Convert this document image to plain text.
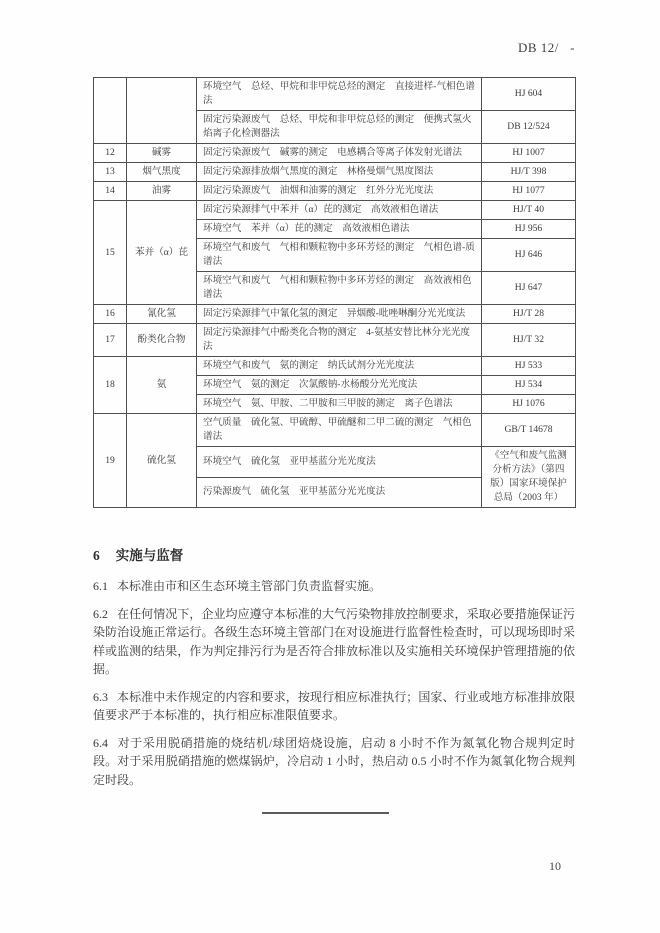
DB 12/   -
		环境空气　总烃、甲烷和非甲烷总烃的测定　直接进样-气相色谱法	HJ 604
		固定污染源废气　总烃、甲烷和非甲烷总烃的测定　便携式氢火焰离子化检测器法	DB 12/524
12	碱雾	固定污染源废气　碱雾的测定　电感耦合等离子体发射光谱法	HJ 1007
13	烟气黑度	固定污染源排放烟气黑度的测定　林格曼烟气黑度图法	HJ/T 398
14	油雾	固定污染源废气　油烟和油雾的测定　红外分光光度法	HJ 1077
15	苯并（α）芘	固定污染源排气中苯并（α）芘的测定　高效液相色谱法	HJ/T 40
		环境空气　苯并（α）芘的测定　高效液相色谱法	HJ 956
		环境空气和废气　气相和颗粒物中多环芳烃的测定　气相色谱-质谱法	HJ 646
		环境空气和废气　气相和颗粒物中多环芳烃的测定　高效液相色谱法	HJ 647
16	氰化氢	固定污染源排气中氰化氢的测定　异烟酸-吡唑啉酮分光光度法	HJ/T 28
17	酚类化合物	固定污染源排气中酚类化合物的测定　4-氨基安替比林分光光度法	HJ/T 32
18	氨	环境空气和废气　氨的测定　纳氏试剂分光光度法	HJ 533
		环境空气　氨的测定　次氯酸钠-水杨酸分光光度法	HJ 534
		环境空气　氨、甲胺、二甲胺和三甲胺的测定　离子色谱法	HJ 1076
19	硫化氢	空气质量　硫化氢、甲硫醇、甲硫醚和二甲二硫的测定　气相色谱法	GB/T 14678
		环境空气　硫化氢　亚甲基蓝分光光度法	《空气和废气监测分析方法》（第四版）国家环境保护总局（2003 年）
		污染源废气　硫化氢　亚甲基蓝分光光度法	
6 实施与监督

6.1 本标准由市和区生态环境主管部门负责监督实施。

6.2 在任何情况下，企业均应遵守本标准的大气污染物排放控制要求，采取必要措施保证污染防治设施正常运行。各级生态环境主管部门在对设施进行监督性检查时，可以现场即时采样或监测的结果，作为判定排污行为是否符合排放标准以及实施相关环境保护管理措施的依据。

6.3 本标准中未作规定的内容和要求，按现行相应标准执行；国家、行业或地方标准排放限值要求严于本标准的，执行相应标准限值要求。

6.4 对于采用脱硝措施的烧结机/球团焙烧设施，启动 8 小时不作为氮氧化物合规判定时段。对于采用脱硝措施的燃煤锅炉，冷启动 1 小时，热启动 0.5 小时不作为氮氧化物合规判定时段。

10
